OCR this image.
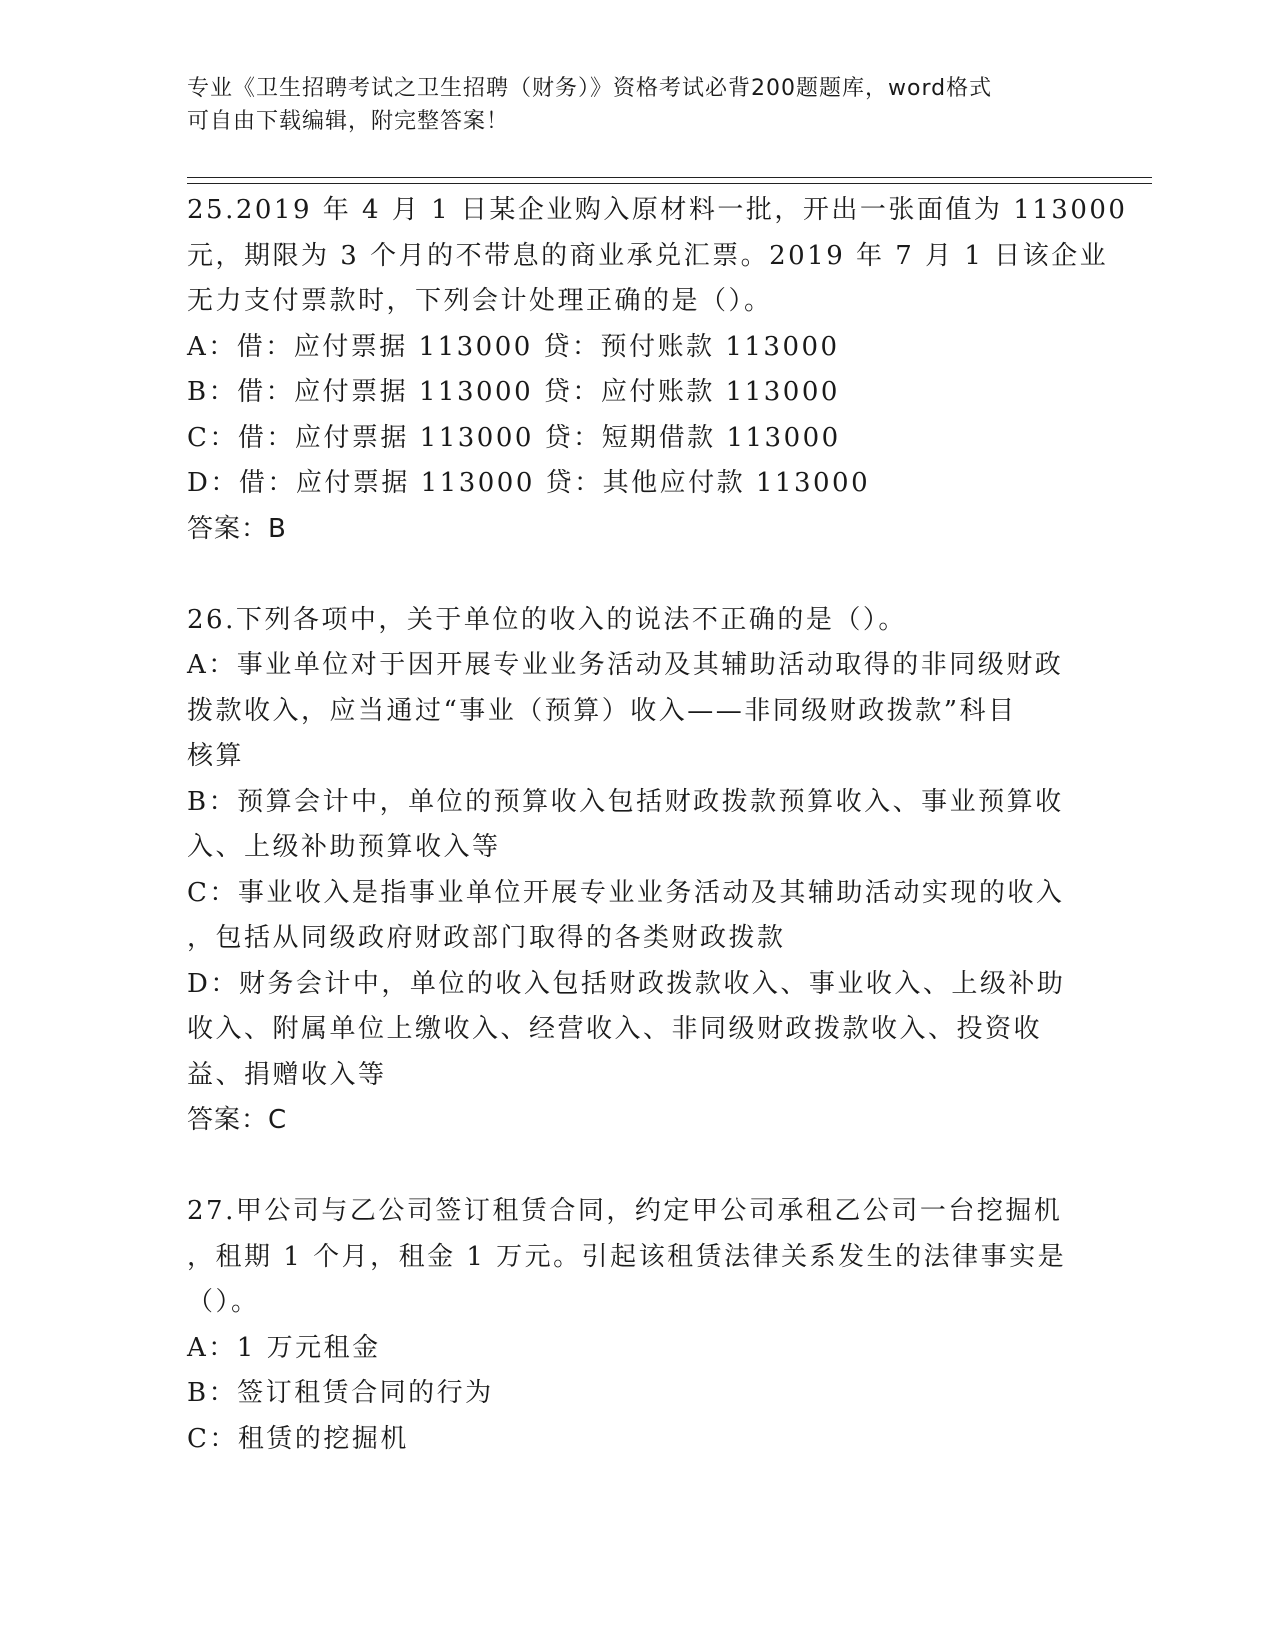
专业《卫生招聘考试之卫生招聘（财务）》资格考试必背200题题库，word格式
可自由下载编辑，附完整答案！
25.2019 年 4 月 1 日某企业购入原材料一批，开出一张面值为 113000
元，期限为 3 个月的不带息的商业承兑汇票。2019 年 7 月 1 日该企业
无力支付票款时，下列会计处理正确的是（）。
A：借：应付票据 113000 贷：预付账款 113000
B：借：应付票据 113000 贷：应付账款 113000
C：借：应付票据 113000 贷：短期借款 113000
D：借：应付票据 113000 贷：其他应付款 113000
答案：B
26.下列各项中，关于单位的收入的说法不正确的是（）。
A：事业单位对于因开展专业业务活动及其辅助活动取得的非同级财政
拨款收入，应当通过“事业（预算）收入——非同级财政拨款”科目
核算
B：预算会计中，单位的预算收入包括财政拨款预算收入、事业预算收
入、上级补助预算收入等
C：事业收入是指事业单位开展专业业务活动及其辅助活动实现的收入
，包括从同级政府财政部门取得的各类财政拨款
D：财务会计中，单位的收入包括财政拨款收入、事业收入、上级补助
收入、附属单位上缴收入、经营收入、非同级财政拨款收入、投资收
益、捐赠收入等
答案：C
27.甲公司与乙公司签订租赁合同，约定甲公司承租乙公司一台挖掘机
，租期 1 个月，租金 1 万元。引起该租赁法律关系发生的法律事实是
（）。
A：1 万元租金
B：签订租赁合同的行为
C：租赁的挖掘机
